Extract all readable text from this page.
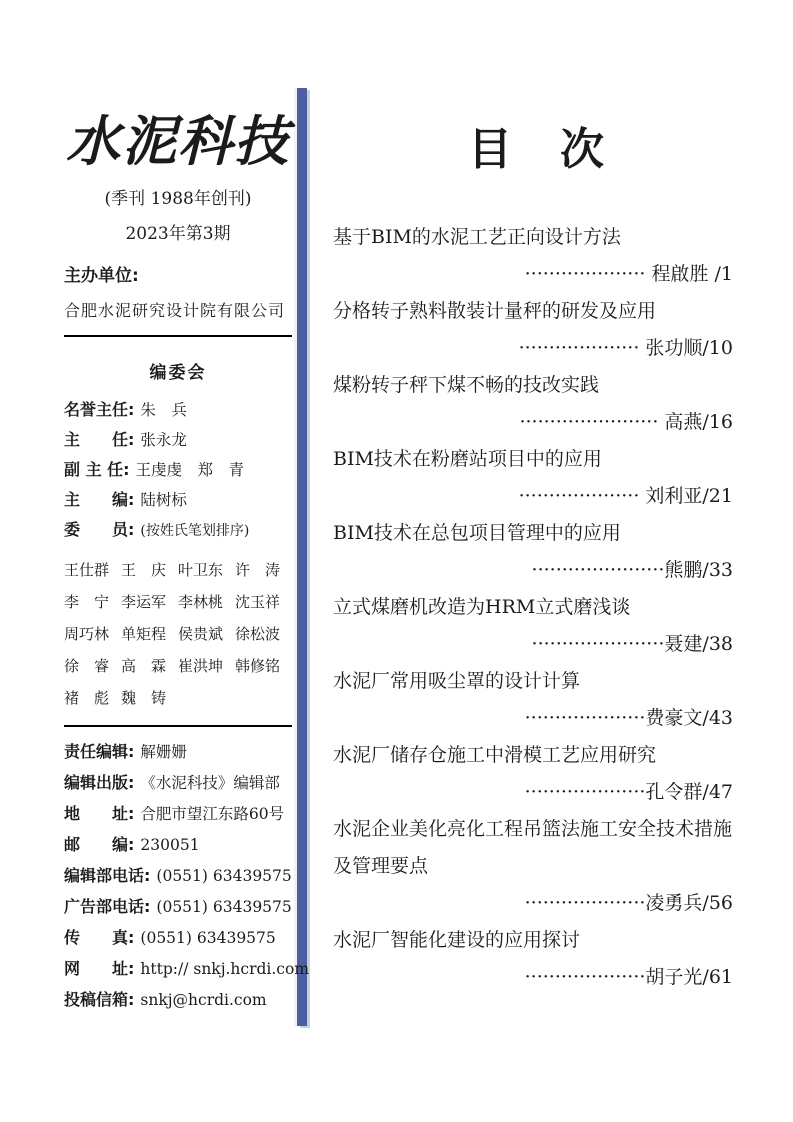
水泥科技
(季刊 1988年创刊)
2023年第3期
主办单位:
合肥水泥研究设计院有限公司
编委会
名誉主任: 朱　兵
主　　任: 张永龙
副 主 任: 王虔虔　郑　青
主　　编: 陆树标
委　　员: (按姓氏笔划排序)
王仕群 王　庆 叶卫东 许　涛
李　宁 李运军 李林桃 沈玉祥
周巧林 单矩程 侯贵斌 徐松波
徐　睿 高　霖 崔洪坤 韩修铭
褚　彪 魏　铸
责任编辑: 解姗姗
编辑出版: 《水泥科技》编辑部
地　　址: 合肥市望江东路60号
邮　　编: 230051
编辑部电话: (0551) 63439575
广告部电话: (0551) 63439575
传　　真: (0551) 63439575
网　　址: http:// snkj.hcrdi.com
投稿信箱: snkj@hcrdi.com
目　次
基于BIM的水泥工艺正向设计方法
···················· 程啟胜 /1
分格转子熟料散装计量秤的研发及应用
···················· 张功顺/10
煤粉转子秤下煤不畅的技改实践
······················· 高燕/16
BIM技术在粉磨站项目中的应用
···················· 刘利亚/21
BIM技术在总包项目管理中的应用
······················熊鹏/33
立式煤磨机改造为HRM立式磨浅谈
······················聂建/38
水泥厂常用吸尘罩的设计计算
····················费豪文/43
水泥厂储存仓施工中滑模工艺应用研究
····················孔令群/47
水泥企业美化亮化工程吊篮法施工安全技术措施
及管理要点
····················凌勇兵/56
水泥厂智能化建设的应用探讨
····················胡子光/61
